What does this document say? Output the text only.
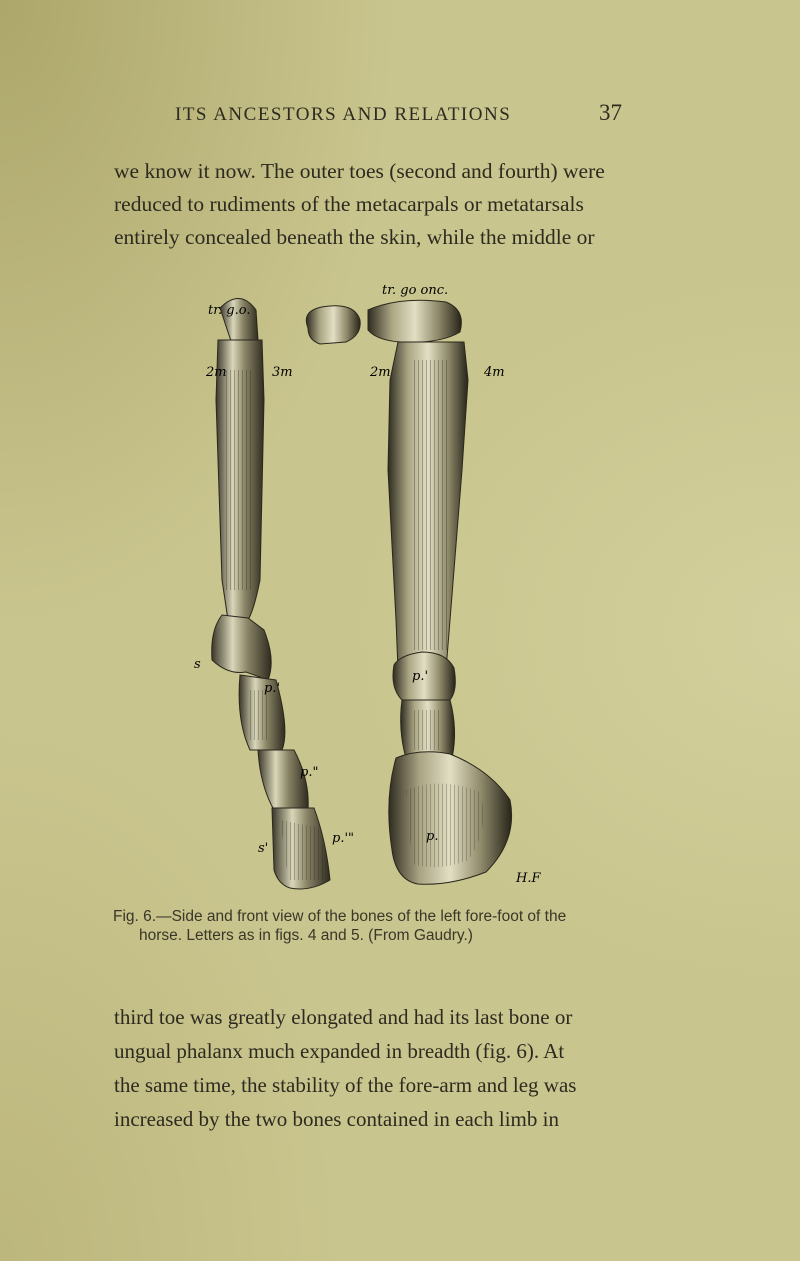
ITS ANCESTORS AND RELATIONS	37

we know it now. The outer toes (second and fourth) were
reduced to rudiments of the metacarpals or metatarsals
entirely concealed beneath the skin, while the middle or

tr. g.o.
tr. go onc.
2m	3m	2m	4m
s
p.'
p."
p.'"
s'
p.'
p.
H.F
Fig. 6.—Side and front view of the bones of the left fore-foot of the
horse. Letters as in figs. 4 and 5. (From Gaudry.)

third toe was greatly elongated and had its last bone or
ungual phalanx much expanded in breadth (fig. 6). At
the same time, the stability of the fore-arm and leg was
increased by the two bones contained in each limb in
